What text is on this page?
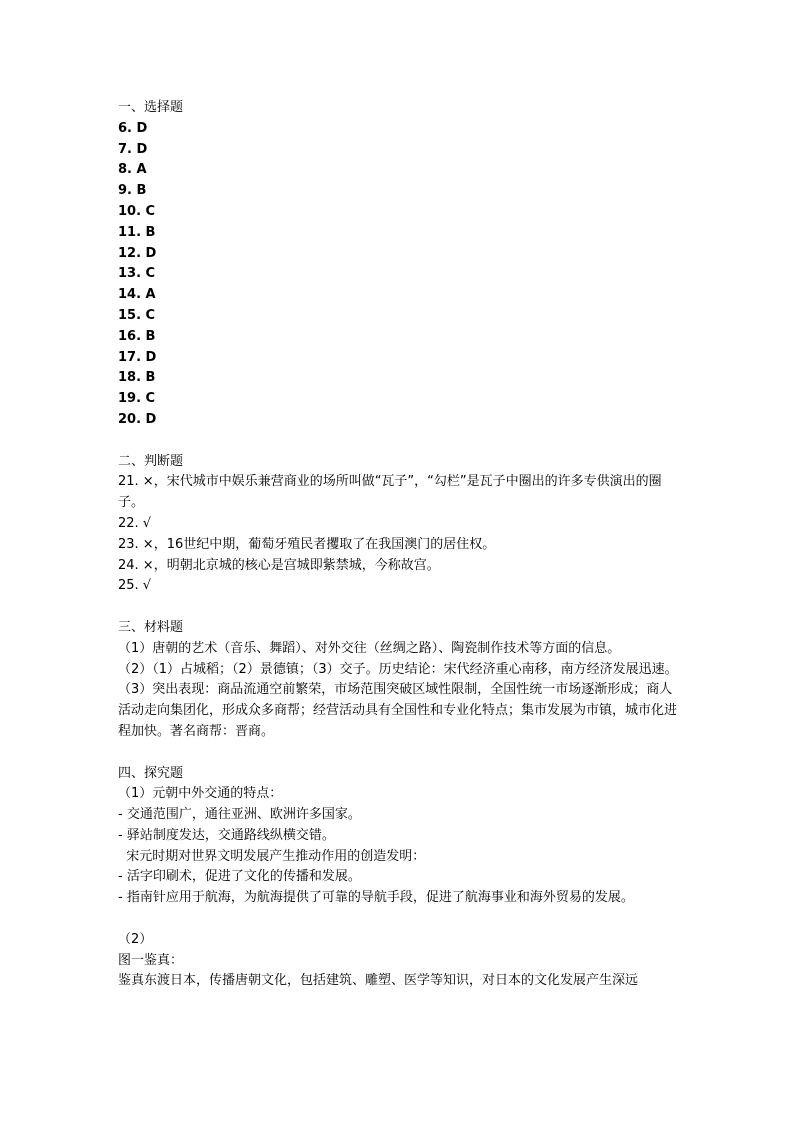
一、选择题
6. D
7. D
8. A
9. B
10. C
11. B
12. D
13. C
14. A
15. C
16. B
17. D
18. B
19. C
20. D
二、判断题
21. ×，宋代城市中娱乐兼营商业的场所叫做“瓦子”，“勾栏”是瓦子中圈出的许多专供演出的圈子。
22. √
23. ×，16世纪中期，葡萄牙殖民者攫取了在我国澳门的居住权。
24. ×，明朝北京城的核心是宫城即紫禁城，今称故宫。
25. √
三、材料题
（1）唐朝的艺术（音乐、舞蹈）、对外交往（丝绸之路）、陶瓷制作技术等方面的信息。
（2）（1）占城稻；（2）景德镇；（3）交子。历史结论：宋代经济重心南移，南方经济发展迅速。
（3）突出表现：商品流通空前繁荣，市场范围突破区域性限制，全国性统一市场逐渐形成；商人活动走向集团化，形成众多商帮；经营活动具有全国性和专业化特点；集市发展为市镇，城市化进程加快。著名商帮：晋商。
四、探究题
（1）元朝中外交通的特点：
- 交通范围广，通往亚洲、欧洲许多国家。
- 驿站制度发达，交通路线纵横交错。
宋元时期对世界文明发展产生推动作用的创造发明：
- 活字印刷术，促进了文化的传播和发展。
- 指南针应用于航海，为航海提供了可靠的导航手段，促进了航海事业和海外贸易的发展。
（2）
图一鉴真：
鉴真东渡日本，传播唐朝文化，包括建筑、雕塑、医学等知识，对日本的文化发展产生深远
